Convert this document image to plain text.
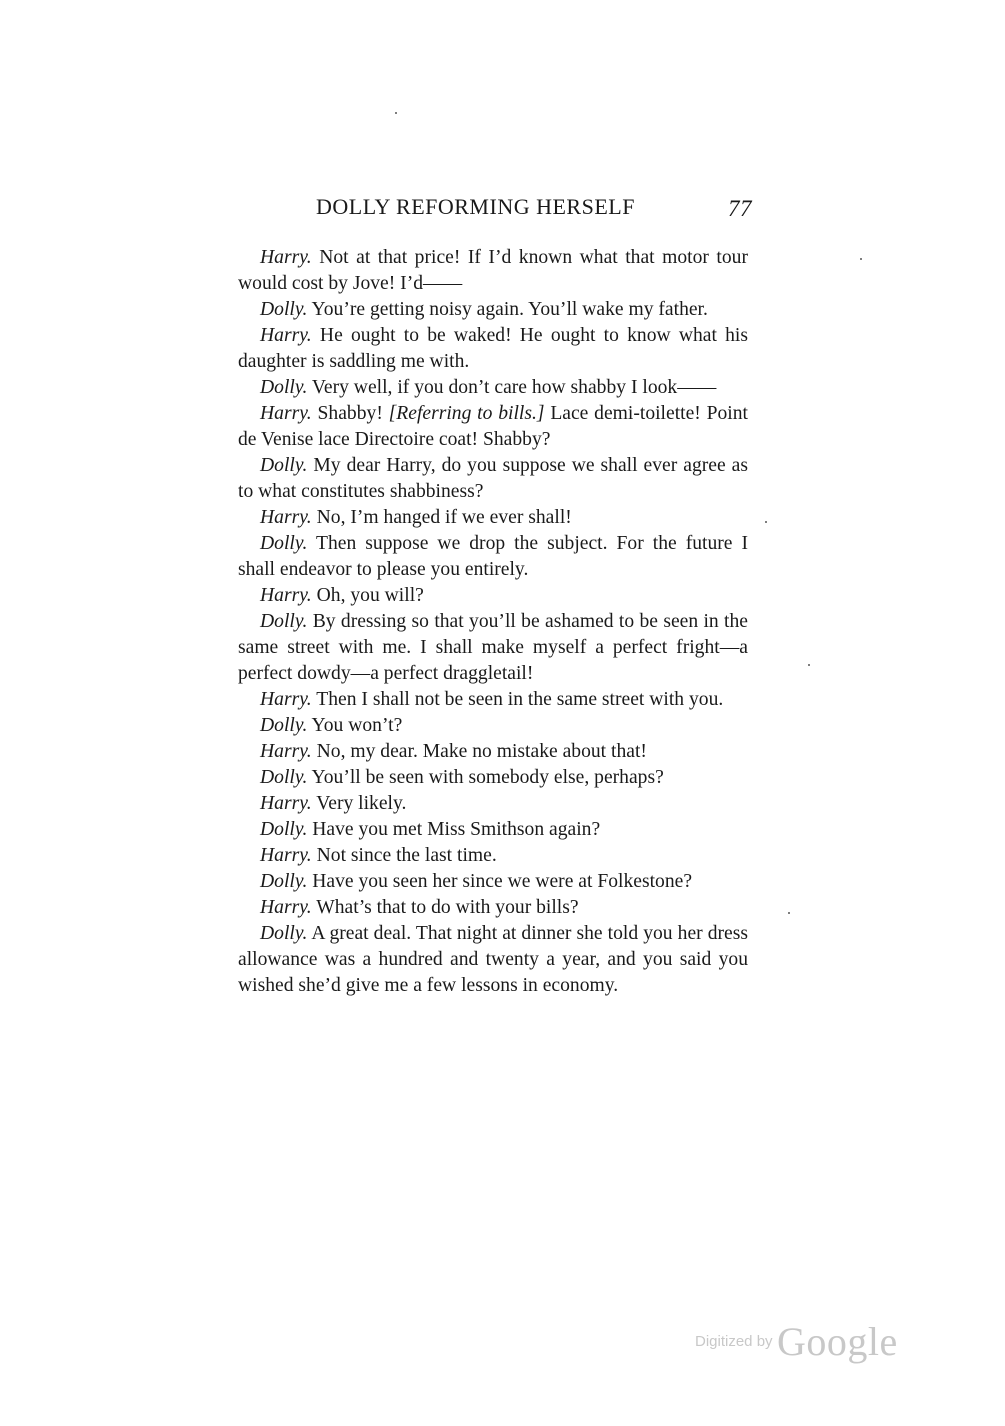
DOLLY REFORMING HERSELF	77

Harry. Not at that price! If I’d known what that motor tour would cost by Jove! I’d——

Dolly. You’re getting noisy again. You’ll wake my father.

Harry. He ought to be waked! He ought to know what his daughter is saddling me with.

Dolly. Very well, if you don’t care how shabby I look——

Harry. Shabby! [Referring to bills.] Lace demi-toilette! Point de Venise lace Directoire coat! Shabby?

Dolly. My dear Harry, do you suppose we shall ever agree as to what constitutes shabbiness?

Harry. No, I’m hanged if we ever shall!

Dolly. Then suppose we drop the subject. For the future I shall endeavor to please you entirely.

Harry. Oh, you will?

Dolly. By dressing so that you’ll be ashamed to be seen in the same street with me. I shall make myself a perfect fright—a perfect dowdy—a perfect draggletail!

Harry. Then I shall not be seen in the same street with you.

Dolly. You won’t?

Harry. No, my dear. Make no mistake about that!

Dolly. You’ll be seen with somebody else, perhaps?

Harry. Very likely.

Dolly. Have you met Miss Smithson again?

Harry. Not since the last time.

Dolly. Have you seen her since we were at Folkestone?

Harry. What’s that to do with your bills?

Dolly. A great deal. That night at dinner she told you her dress allowance was a hundred and twenty a year, and you said you wished she’d give me a few lessons in economy.

Digitized by Google
